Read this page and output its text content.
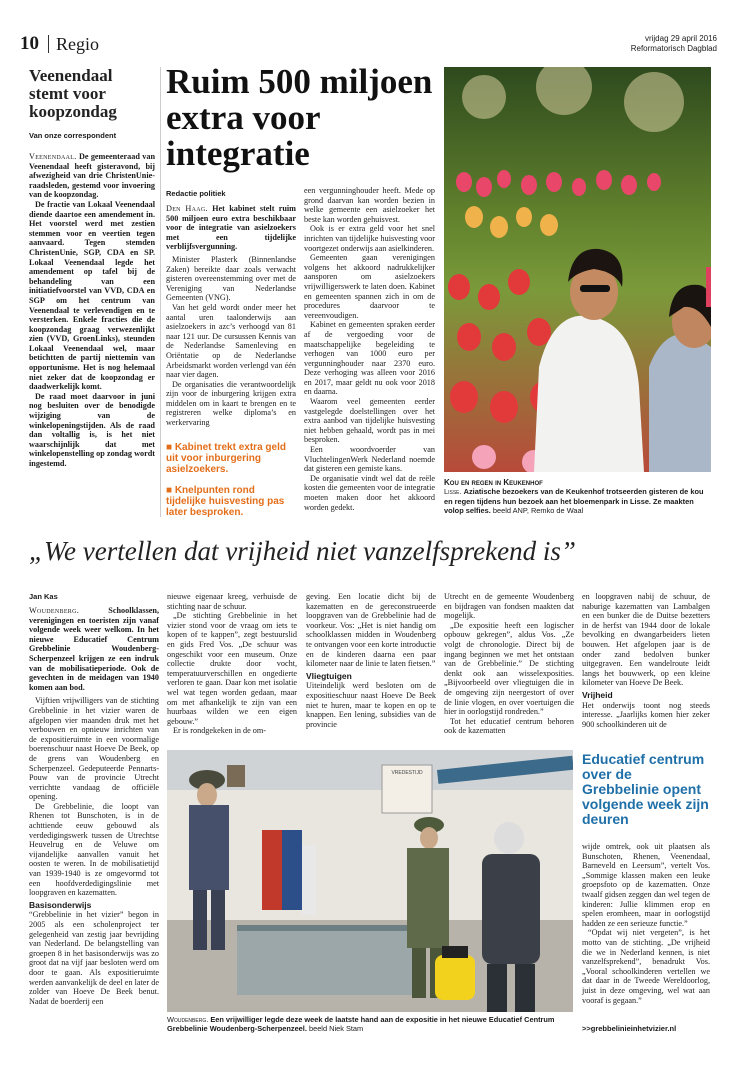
10 Regio	vrijdag 29 april 2016
Reformatorisch Dagblad
Veenendaal stemt voor koopzondag
Van onze correspondent

Veenendaal. De gemeenteraad van Veenendaal heeft gisteravond, bij afwezigheid van drie ChristenUnie-raadsleden, gestemd voor invoering van de koopzondag.

De fractie van Lokaal Veenendaal diende daartoe een amendement in. Het voorstel werd met zestien stemmen voor en veertien tegen aanvaard. Tegen stemden ChristenUnie, SGP, CDA en SP. Lokaal Veenendaal legde het amendement op tafel bij de behandeling van een initiatiefvoorstel van VVD, CDA en SGP om het centrum van Veenendaal te verlevendigen en te versterken. Enkele fracties die de koopzondag graag verwezenlijkt zien (VVD, GroenLinks), steunden Lokaal Veenendaal wel, maar betichtten de partij niettemin van opportunisme. Het is nog helemaal niet zeker dat de koopzondag er daadwerkelijk komt.

De raad moet daarvoor in juni nog besluiten over de benodigde wijziging van de winkelopeningstijden. Als de raad dan voltallig is, is het niet waarschijnlijk dat met winkelopenstelling op zondag wordt ingestemd.

Ruim 500 miljoen extra voor integratie
Redactie politiek

Den Haag. Het kabinet stelt ruim 500 miljoen euro extra beschikbaar voor de integratie van asielzoekers met een tijdelijke verblijfsvergunning.

Minister Plasterk (Binnenlandse Zaken) bereikte daar zoals verwacht gisteren overeenstemming over met de Vereniging van Nederlandse Gemeenten (VNG).

Van het geld wordt onder meer het aantal uren taalonderwijs aan asielzoekers in azc’s verhoogd van 81 naar 121 uur. De cursussen Kennis van de Nederlandse Samenleving en Oriëntatie op de Nederlandse Arbeidsmarkt worden verlengd van één naar vier dagen.

De organisaties die verantwoordelijk zijn voor de inburgering krijgen extra middelen om in kaart te brengen en te registreren welke diploma’s en werkervaring

■ Kabinet trekt extra geld uit voor inburgering asielzoekers.
■ Knelpunten rond tijdelijke huisvesting pas later besproken.

een vergunninghouder heeft. Mede op grond daarvan kan worden bezien in welke gemeente een asielzoeker het beste kan worden gehuisvest.

Ook is er extra geld voor het snel inrichten van tijdelijke huisvesting voor voortgezet onderwijs aan asielkinderen.

Gemeenten gaan verenigingen volgens het akkoord nadrukkelijker aansporen om asielzoekers vrijwilligerswerk te laten doen. Kabinet en gemeenten spannen zich in om de procedures daarvoor te vereenvoudigen.

Kabinet en gemeenten spraken eerder af de vergoeding voor de maatschappelijke begeleiding te verhogen van 1000 euro per vergunninghouder naar 2370 euro. Deze verhoging was alleen voor 2016 en 2017, maar geldt nu ook voor 2018 en daarna.

Waarom veel gemeenten eerder vastgelegde doelstellingen over het extra aanbod van tijdelijke huisvesting niet hebben gehaald, wordt pas in mei besproken.

Een woordvoerder van VluchtelingenWerk Nederland noemde dat gisteren een gemiste kans.

De organisatie vindt wel dat de reële kosten die gemeenten voor de integratie moeten maken door het akkoord worden gedekt.

Kou en regen in Keukenhof
Lisse. Aziatische bezoekers van de Keukenhof trotseerden gisteren de kou en regen tijdens hun bezoek aan het bloemenpark in Lisse. Ze maakten volop selfies. beeld ANP, Remko de Waal
„We vertellen dat vrijheid niet vanzelfsprekend is”
Jan Kas

Woudenberg.	Schoolklassen, verenigingen en toeristen zijn vanaf volgende week weer welkom. In het nieuwe Educatief Centrum Grebbelinie Woudenberg-Scherpenzeel krijgen ze een indruk van de mobilisatieperiode. Ook de gevechten in de meidagen van 1940 komen aan bod.

Vijftien vrijwilligers van de stichting Grebbelinie in het vizier waren de afgelopen vier maanden druk met het verbouwen en opnieuw inrichten van de expositieruimte in een voormalige boerenschuur naast Hoeve De Beek, op de grens van Woudenberg en Scherpenzeel. Gedeputeerde Pennarts-Pouw van de provincie Utrecht verrichtte vandaag de officiële opening.

De Grebbelinie, die loopt van Rhenen tot Bunschoten, is in de achttiende eeuw gebouwd als verdedigingswerk tussen de Utrechtse Heuvelrug en de Veluwe om vijandelijke aanvallen vanuit het oosten te weren. In de mobilisatietijd van 1939-1940 is ze omgevormd tot een hoofdverdedigingslinie met loopgraven en kazematten.

Basisonderwijs

“Grebbelinie in het vizier” begon in 2005 als een scholenproject ter gelegenheid van zestig jaar bevrijding van Nederland. De belangstelling van groepen 8 in het basisonderwijs was zo groot dat na vijf jaar besloten werd om door te gaan. Als expositieruimte werden aanvankelijk de deel en later de zolder van Hoeve De Beek benut. Nadat de boerderij een

nieuwe eigenaar kreeg, verhuisde de stichting naar de schuur.

„De stichting Grebbelinie in het vizier stond voor de vraag om iets te kopen of te kappen”, zegt bestuurslid en gids Fred Vos. „De schuur was ongeschikt voor een museum. Onze collectie drukte door vocht, temperatuurverschillen en ongediertе verloren te gaan. Daar kon met isolatie wel wat tegen worden gedaan, maar om met afhankelijk te zijn van een huurbaas wilden we een eigen gebouw.”

Er is rondgekeken in de om-

geving. Een locatie dicht bij de kazematten en de gereconstrueerde loopgraven van de Grebbelinie had de voorkeur. Vos: „Het is niet handig om schoolklassen midden in Woudenberg te ontvangen voor een korte introductie en de kinderen daarna een paar kilometer naar de linie te laten fietsen.”

Vliegtuigen

Uiteindelijk werd besloten om de expositieschuur naast Hoeve De Beek niet te huren, maar te kopen en op te knappen. Een lening, subsidies van de provincie

Utrecht en de gemeente Woudenberg en bijdragen van fondsen maakten dat mogelijk.

„De expositie heeft een logischer opbouw gekregen”, aldus Vos. „Ze volgt de chronologie. Direct bij de ingang beginnen we met het ontstaan van de Grebbelinie.” De stichting denkt ook aan wisselexposities. „Bijvoorbeeld over vliegtuigen die in de omgeving zijn neergestort of over de linie vlogen, en over voertuigen die hier in oorlogstijd rondreden.”

Tot het educatief centrum behoren ook de kazematten

en loopgraven nabij de schuur, de naburige kazematten van Lambalgen en een bunker die de Duitse bezetters in de herfst van 1944 door de lokale bevolking en dwangarbeiders lieten bouwen. Het afgelopen jaar is de onder zand bedolven bunker uitgegraven. Een wandelroute leidt langs het bouwwerk, op een kleine kilometer van Hoeve De Beek.

Vrijheid

Het onderwijs toont nog steeds interesse. „Jaarlijks komen hier zeker 900 schoolkinderen uit de

Educatief centrum over de Grebbelinie opent volgende week zijn deuren

wijde omtrek, ook uit plaatsen als Bunschoten, Rhenen, Veenendaal, Barneveld en Leersum”, vertelt Vos. „Sommige klassen maken een leuke groepsfoto op de kazematten. Onze twaalf gidsen zeggen dan wel tegen de kinderen: Jullie klimmen erop en spelen eromheen, maar in oorlogstijd hadden ze een serieuze functie.”

“Opdat wij niet vergeten”, is het motto van de stichting. „De vrijheid die we in Nederland kennen, is niet vanzelfsprekend”, benadrukt Vos. „Vooral schoolkinderen vertellen we dat daar in de Tweede Wereldoorlog, juist in deze omgeving, wel wat aan vooraf is gegaan.”

>>grebbelinieinhetvizier.nl
VREDESTIJD
Woudenberg. Een vrijwilliger legde deze week de laatste hand aan de expositie in het nieuwe Educatief Centrum Grebbelinie Woudenberg-Scherpenzeel. beeld Niek Stam
